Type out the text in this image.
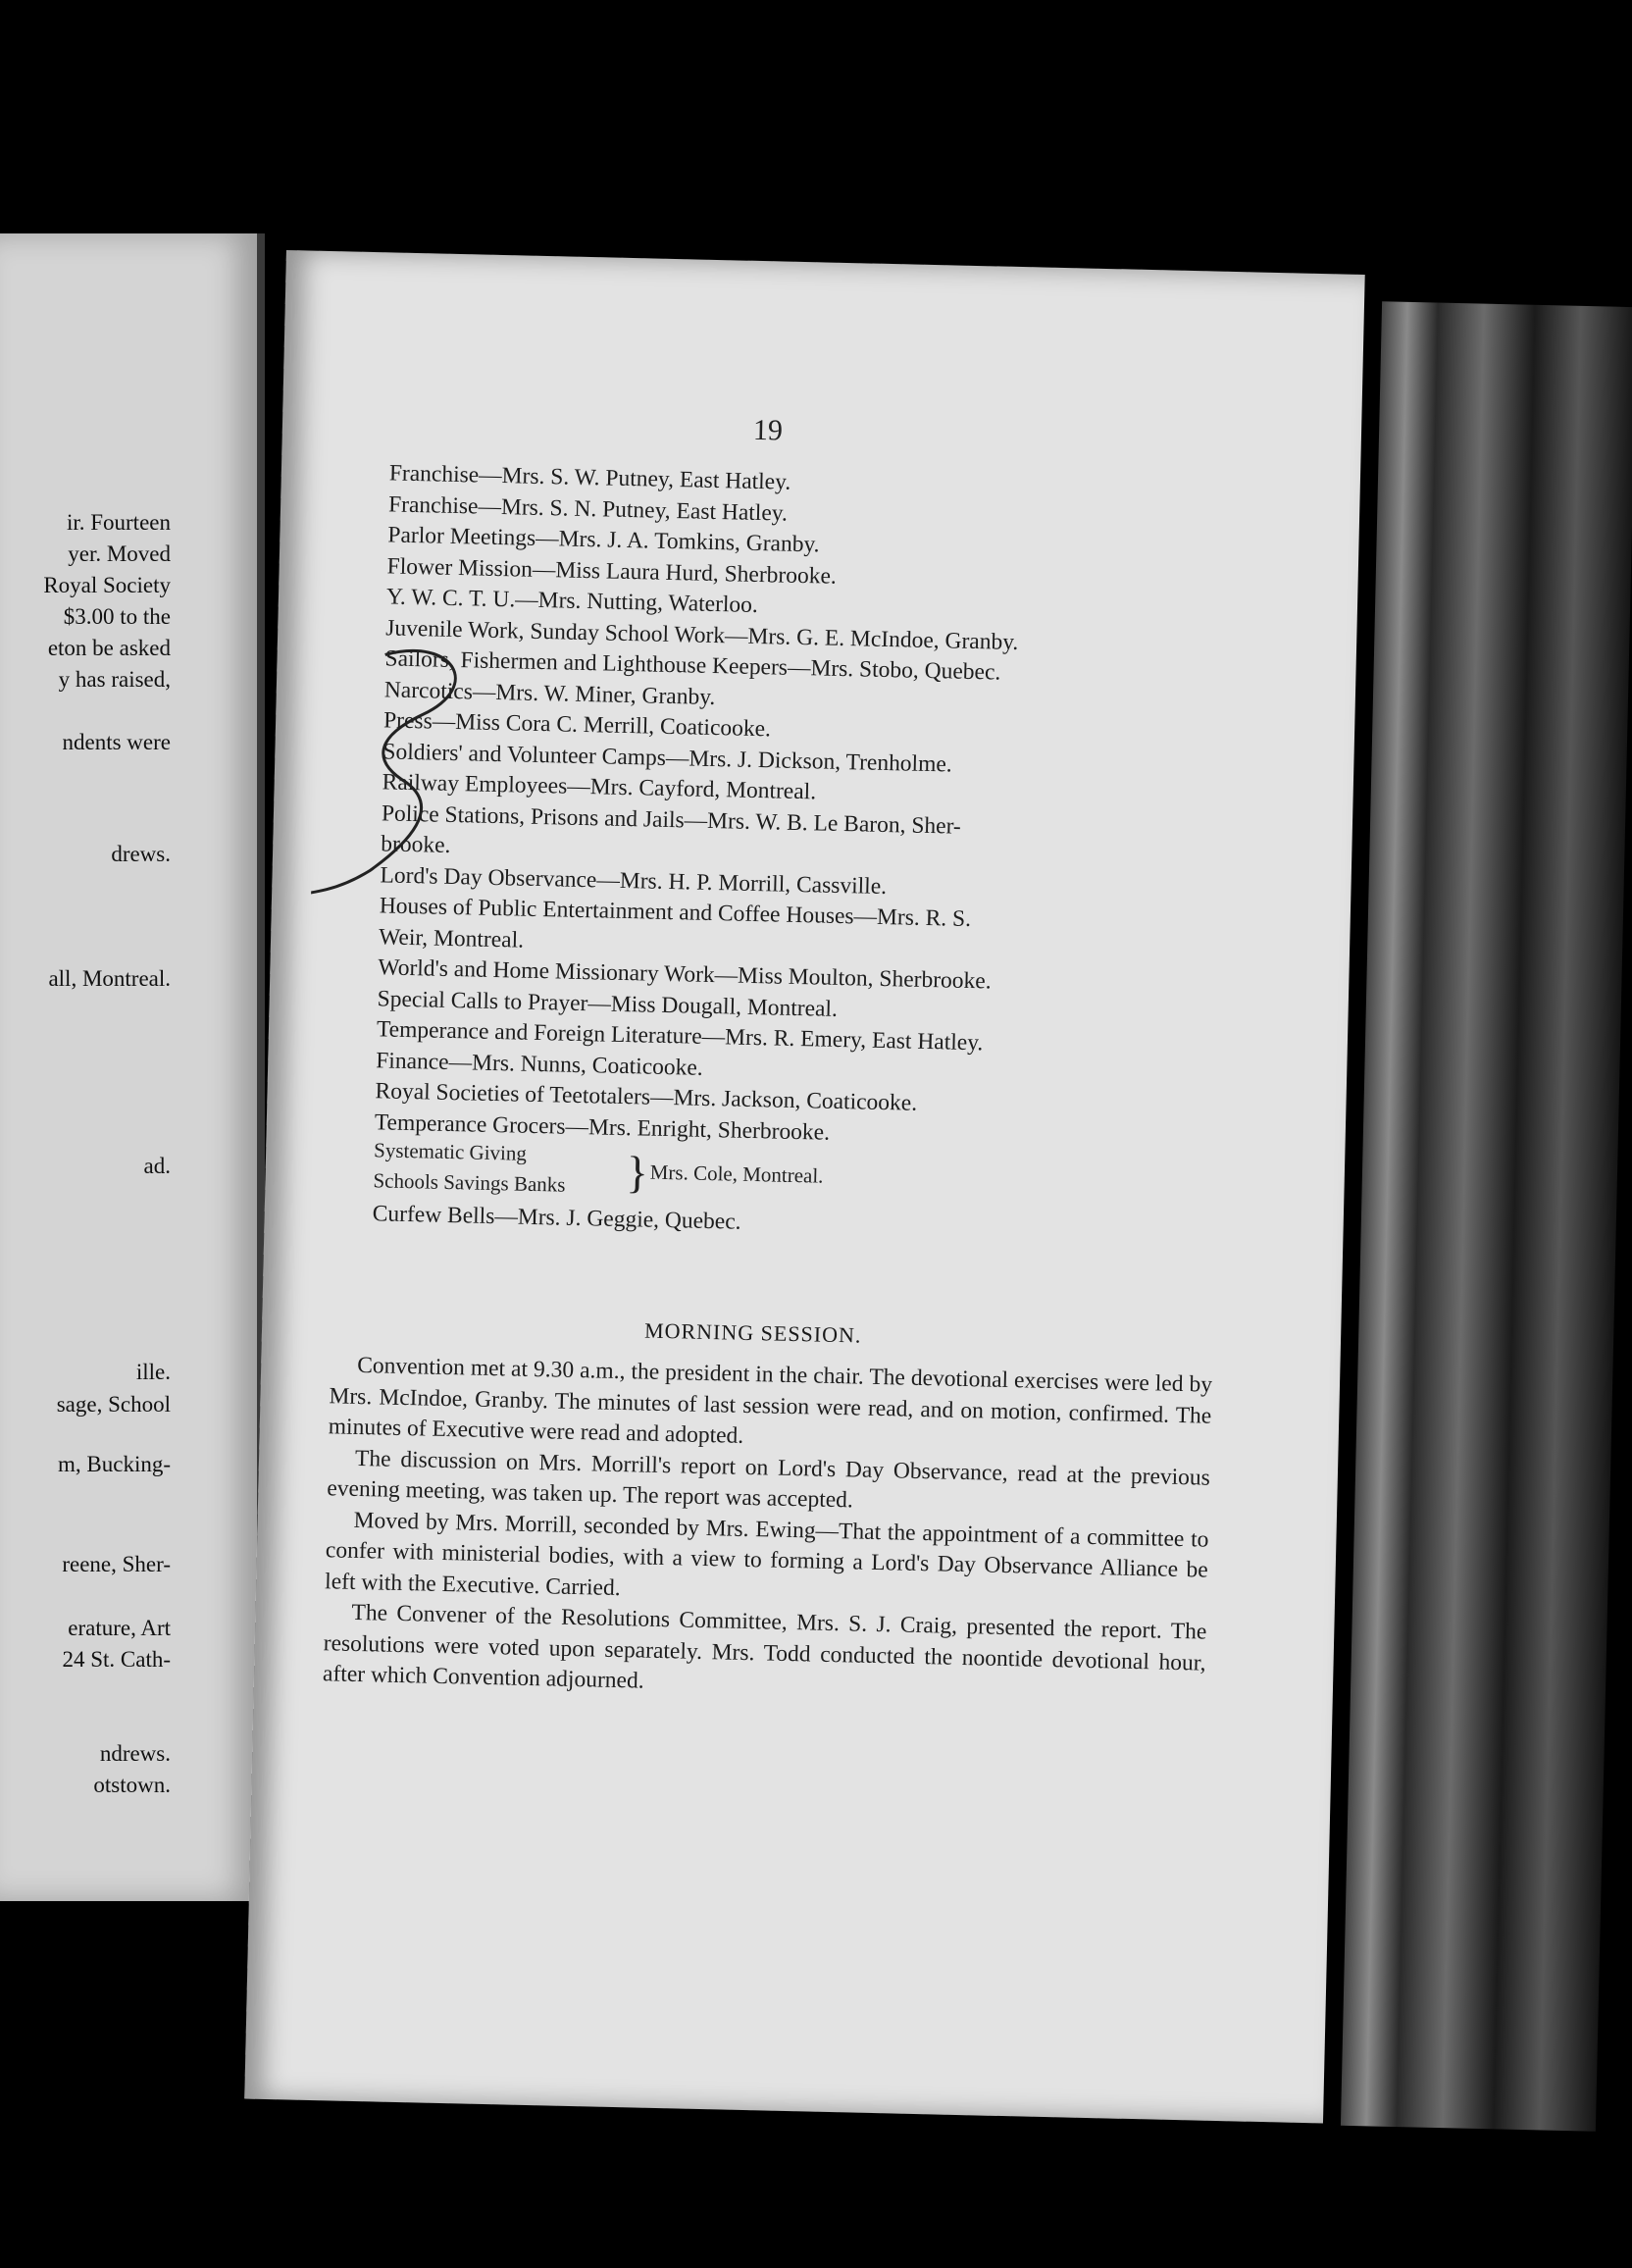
ir. Fourteen
yer. Moved
Royal Society
$3.00 to the
eton be asked
y has raised,
ndents were
drews.
all, Montreal.
ad.
ille.
sage, School
m, Bucking-
reene, Sher-
erature, Art
24 St. Cath-
ndrews.
otstown.
19
Franchise—Mrs. S. W. Putney, East Hatley.
Franchise—Mrs. S. N. Putney, East Hatley.
Parlor Meetings—Mrs. J. A. Tomkins, Granby.
Flower Mission—Miss Laura Hurd, Sherbrooke.
Y. W. C. T. U.—Mrs. Nutting, Waterloo.
Juvenile Work, Sunday School Work—Mrs. G. E. McIndoe, Granby.
Sailors, Fishermen and Lighthouse Keepers—Mrs. Stobo, Quebec.
Narcotics—Mrs. W. Miner, Granby.
Press—Miss Cora C. Merrill, Coaticooke.
Soldiers' and Volunteer Camps—Mrs. J. Dickson, Trenholme.
Railway Employees—Mrs. Cayford, Montreal.
Police Stations, Prisons and Jails—Mrs. W. B. Le Baron, Sher-
brooke.
Lord's Day Observance—Mrs. H. P. Morrill, Cassville.
Houses of Public Entertainment and Coffee Houses—Mrs. R. S.
Weir, Montreal.
World's and Home Missionary Work—Miss Moulton, Sherbrooke.
Special Calls to Prayer—Miss Dougall, Montreal.
Temperance and Foreign Literature—Mrs. R. Emery, East Hatley.
Finance—Mrs. Nunns, Coaticooke.
Royal Societies of Teetotalers—Mrs. Jackson, Coaticooke.
Temperance Grocers—Mrs. Enright, Sherbrooke.
Systematic Giving
Schools Savings Banks } Mrs. Cole, Montreal.
Curfew Bells—Mrs. J. Geggie, Quebec.
MORNING SESSION.

Convention met at 9.30 a.m., the president in the chair. The devotional exercises were led by Mrs. McIndoe, Granby. The minutes of last session were read, and on motion, confirmed. The minutes of Executive were read and adopted.

The discussion on Mrs. Morrill's report on Lord's Day Observance, read at the previous evening meeting, was taken up. The report was accepted.

Moved by Mrs. Morrill, seconded by Mrs. Ewing—That the appointment of a committee to confer with ministerial bodies, with a view to forming a Lord's Day Observance Alliance be left with the Executive. Carried.

The Convener of the Resolutions Committee, Mrs. S. J. Craig, presented the report. The resolutions were voted upon separately. Mrs. Todd conducted the noontide devotional hour, after which Convention adjourned.
